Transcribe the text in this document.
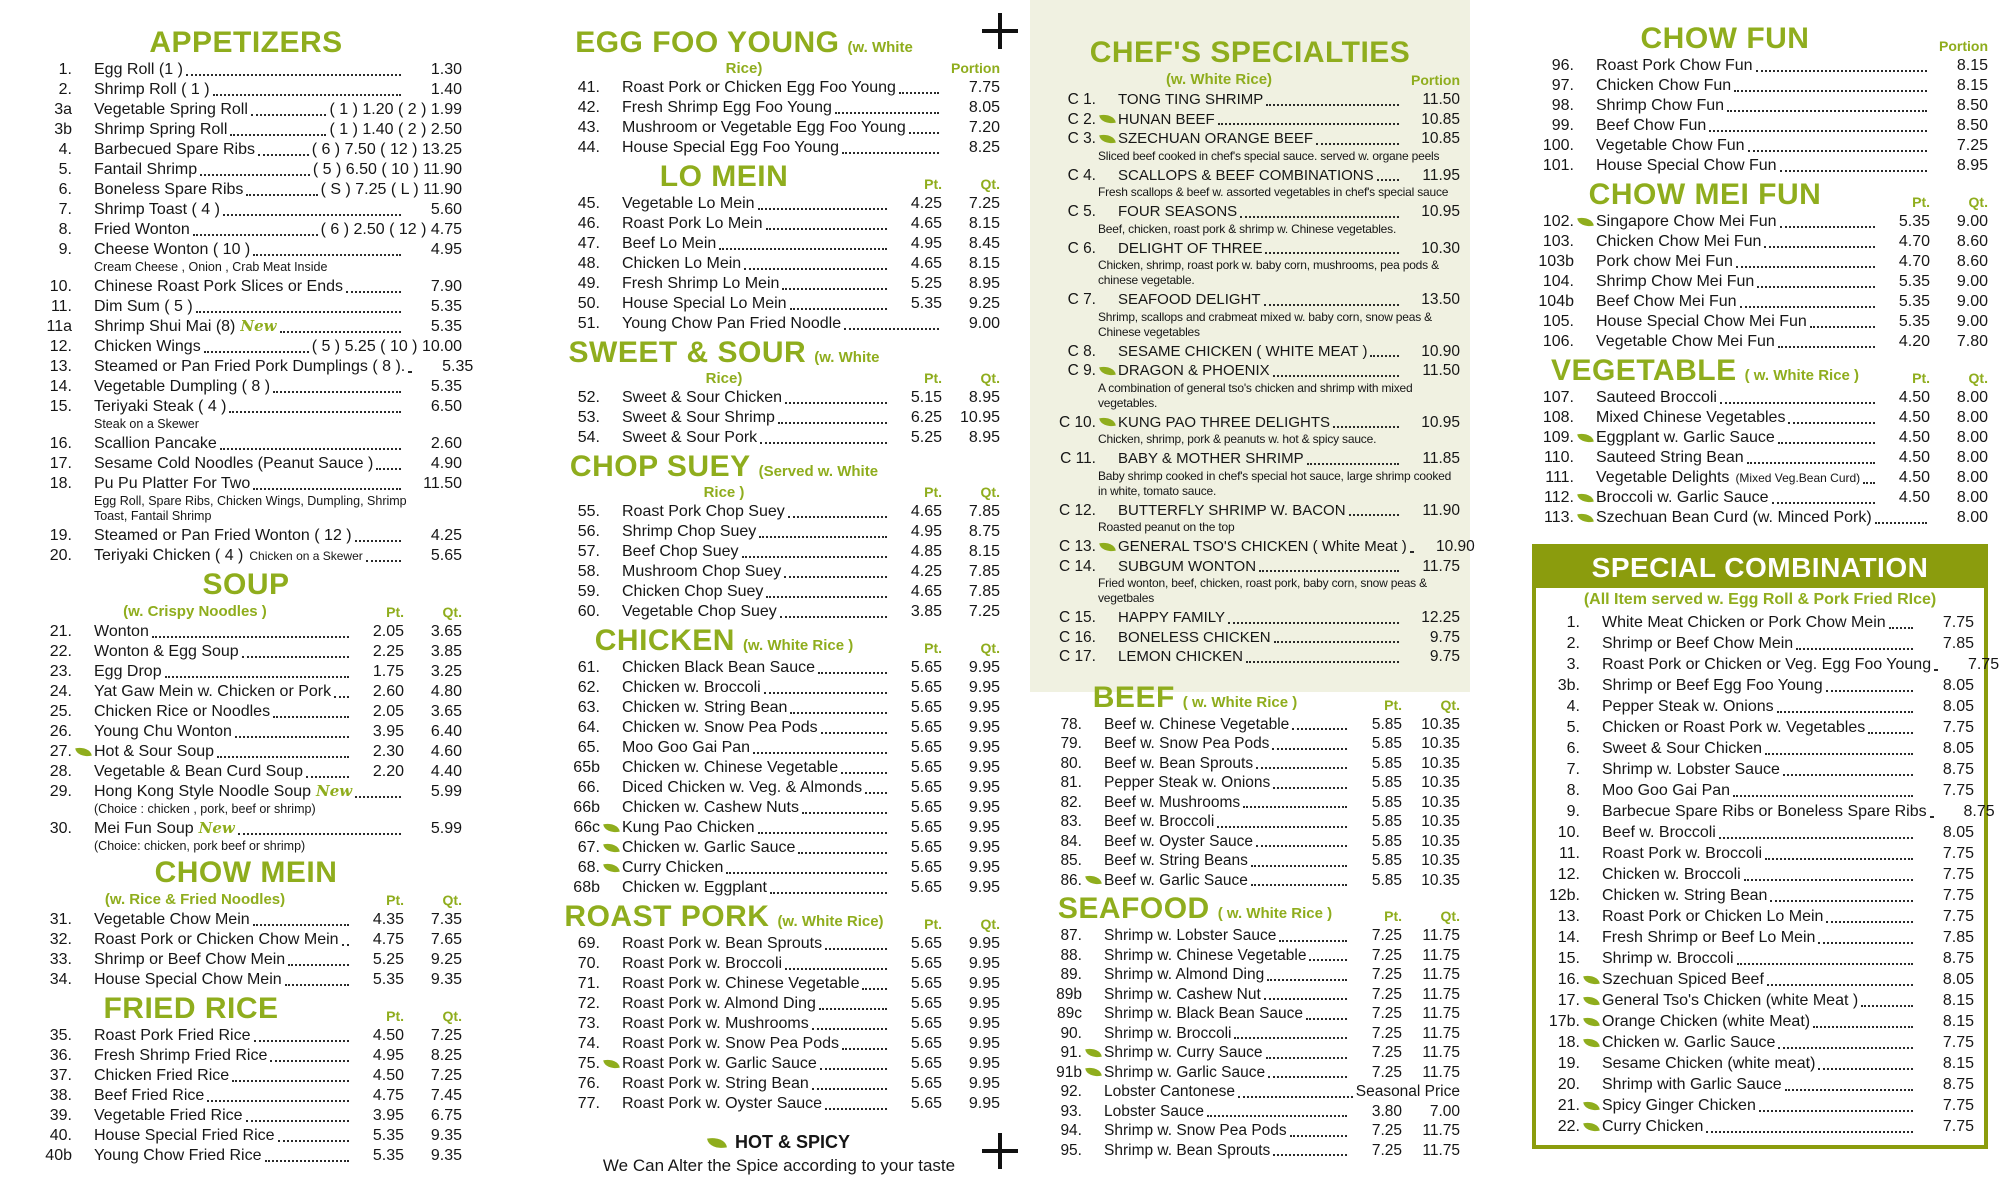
APPETIZERS
1. Egg Roll (1 )	1.30
2. Shrimp Roll ( 1 )	1.40
3a Vegetable Spring Roll	( 1 ) 1.20 ( 2 ) 1.99
3b Shrimp Spring Roll	( 1 ) 1.40 ( 2 ) 2.50
4. Barbecued Spare Ribs	( 6 ) 7.50 ( 12 ) 13.25
5. Fantail Shrimp	( 5 ) 6.50 ( 10 ) 11.90
6. Boneless Spare Ribs	( S ) 7.25 ( L ) 11.90
7. Shrimp Toast ( 4 )	5.60
8. Fried Wonton	( 6 ) 2.50 ( 12 ) 4.75
9. Cheese Wonton ( 10 )	4.95
Cream Cheese , Onion , Crab Meat Inside
10. Chinese Roast Pork Slices or Ends	7.90
11. Dim Sum ( 5 )	5.35
11a Shrimp Shui Mai (8) New	5.35
12. Chicken Wings	( 5 ) 5.25 ( 10 ) 10.00
13. Steamed or Pan Fried Pork Dumplings ( 8 ).	5.35
14. Vegetable Dumpling ( 8 )	5.35
15. Teriyaki Steak ( 4 )	6.50
Steak on a Skewer
16. Scallion Pancake	2.60
17. Sesame Cold Noodles (Peanut Sauce )	4.90
18. Pu Pu Platter For Two	11.50
Egg Roll, Spare Ribs, Chicken Wings, Dumpling, Shrimp Toast, Fantail Shrimp
19. Steamed or Pan Fried Wonton ( 12 )	4.25
20. Teriyaki Chicken ( 4 ) Chicken on a Skewer	5.65
SOUP
(w. Crispy Noodles )	Pt.	Qt.
21. Wonton	2.05	3.65
22. Wonton & Egg Soup	2.25	3.85
23. Egg Drop	1.75	3.25
24. Yat Gaw Mein w. Chicken or Pork	2.60	4.80
25. Chicken Rice or Noodles	2.05	3.65
26. Young Chu Wonton	3.95	6.40
27. Hot & Sour Soup	2.30	4.60
28. Vegetable & Bean Curd Soup	2.20	4.40
29. Hong Kong Style Noodle Soup New	5.99
(Choice : chicken , pork, beef or shrimp)
30. Mei Fun Soup New	5.99
(Choice: chicken, pork beef or shrimp)
CHOW MEIN
(w. Rice & Fried Noodles)	Pt.	Qt.
31. Vegetable Chow Mein	4.35	7.35
32. Roast Pork or Chicken Chow Mein	4.75	7.65
33. Shrimp or Beef Chow Mein	5.25	9.25
34. House Special Chow Mein	5.35	9.35
FRIED RICE	Pt.	Qt.
35. Roast Pork Fried Rice	4.50	7.25
36. Fresh Shrimp Fried Rice	4.95	8.25
37. Chicken Fried Rice	4.50	7.25
38. Beef Fried Rice	4.75	7.45
39. Vegetable Fried Rice	3.95	6.75
40. House Special Fried Rice	5.35	9.35
40b Young Chow Fried Rice	5.35	9.35
EGG FOO YOUNG (w. White Rice)	Portion
41. Roast Pork or Chicken Egg Foo Young	7.75
42. Fresh Shrimp Egg Foo Young	8.05
43. Mushroom or Vegetable Egg Foo Young	7.20
44. House Special Egg Foo Young	8.25
LO MEIN	Pt.	Qt.
45. Vegetable Lo Mein	4.25	7.25
46. Roast Pork Lo Mein	4.65	8.15
47. Beef Lo Mein	4.95	8.45
48. Chicken Lo Mein	4.65	8.15
49. Fresh Shrimp Lo Mein	5.25	8.95
50. House Special Lo Mein	5.35	9.25
51. Young Chow Pan Fried Noodle	9.00
SWEET & SOUR (w. White Rice)	Pt.	Qt.
52. Sweet & Sour Chicken	5.15	8.95
53. Sweet & Sour Shrimp	6.25	10.95
54. Sweet & Sour Pork	5.25	8.95
CHOP SUEY (Served w. White Rice )	Pt.	Qt.
55. Roast Pork Chop Suey	4.65	7.85
56. Shrimp Chop Suey	4.95	8.75
57. Beef Chop Suey	4.85	8.15
58. Mushroom Chop Suey	4.25	7.85
59. Chicken Chop Suey	4.65	7.85
60. Vegetable Chop Suey	3.85	7.25
CHICKEN (w. White Rice )	Pt.	Qt.
61. Chicken Black Bean Sauce	5.65	9.95
62. Chicken w. Broccoli	5.65	9.95
63. Chicken w. String Bean	5.65	9.95
64. Chicken w. Snow Pea Pods	5.65	9.95
65. Moo Goo Gai Pan	5.65	9.95
65b Chicken w. Chinese Vegetable	5.65	9.95
66. Diced Chicken w. Veg. & Almonds	5.65	9.95
66b Chicken w. Cashew Nuts	5.65	9.95
66c Kung Pao Chicken	5.65	9.95
67. Chicken w. Garlic Sauce	5.65	9.95
68. Curry Chicken	5.65	9.95
68b Chicken w. Eggplant	5.65	9.95
ROAST PORK (w. White Rice)	Pt.	Qt.
69. Roast Pork w. Bean Sprouts	5.65	9.95
70. Roast Pork w. Broccoli	5.65	9.95
71. Roast Pork w. Chinese Vegetable	5.65	9.95
72. Roast Pork w. Almond Ding	5.65	9.95
73. Roast Pork w. Mushrooms	5.65	9.95
74. Roast Pork w. Snow Pea Pods	5.65	9.95
75. Roast Pork w. Garlic Sauce	5.65	9.95
76. Roast Pork w. String Bean	5.65	9.95
77. Roast Pork w. Oyster Sauce	5.65	9.95
HOT & SPICY
We Can Alter the Spice according to your taste
CHEF'S SPECIALTIES
(w. White Rice)	Portion
C 1. TONG TING SHRIMP	11.50
C 2. HUNAN BEEF	10.85
C 3. SZECHUAN ORANGE BEEF	10.85
Sliced beef cooked in chef's special sauce. served w. organe peels
C 4. SCALLOPS & BEEF COMBINATIONS	11.95
Fresh scallops & beef w. assorted vegetables in chef's special sauce
C 5. FOUR SEASONS	10.95
Beef, chicken, roast pork & shrimp w. Chinese vegetables.
C 6. DELIGHT OF THREE	10.30
Chicken, shrimp, roast pork w. baby corn, mushrooms, pea pods & chinese vegetable.
C 7. SEAFOOD DELIGHT	13.50
Shrimp, scallops and crabmeat mixed w. baby corn, snow peas & Chinese vegetables
C 8. SESAME CHICKEN ( WHITE MEAT )	10.90
C 9. DRAGON & PHOENIX	11.50
A combination of general tso's chicken and shrimp with mixed vegetables.
C 10. KUNG PAO THREE DELIGHTS	10.95
Chicken, shrimp, pork & peanuts w. hot & spicy sauce.
C 11. BABY & MOTHER SHRIMP	11.85
Baby shrimp cooked in chef's special hot sauce, large shrimp cooked in white, tomato sauce.
C 12. BUTTERFLY SHRIMP W. BACON	11.90
Roasted peanut on the top
C 13. GENERAL TSO'S CHICKEN ( White Meat )	10.90
C 14. SUBGUM WONTON	11.75
Fried wonton, beef, chicken, roast pork, baby corn, snow peas & vegetbales
C 15. HAPPY FAMILY	12.25
C 16. BONELESS CHICKEN	9.75
C 17. LEMON CHICKEN	9.75
BEEF ( w. White Rice )	Pt.	Qt.
78. Beef w. Chinese Vegetable	5.85	10.35
79. Beef w. Snow Pea Pods	5.85	10.35
80. Beef w. Bean Sprouts	5.85	10.35
81. Pepper Steak w. Onions	5.85	10.35
82. Beef w. Mushrooms	5.85	10.35
83. Beef w. Broccoli	5.85	10.35
84. Beef w. Oyster Sauce	5.85	10.35
85. Beef w. String Beans	5.85	10.35
86. Beef w. Garlic Sauce	5.85	10.35
SEAFOOD ( w. White Rice )	Pt.	Qt.
87. Shrimp w. Lobster Sauce	7.25	11.75
88. Shrimp w. Chinese Vegetable	7.25	11.75
89. Shrimp w. Almond Ding	7.25	11.75
89b Shrimp w. Cashew Nut	7.25	11.75
89c Shrimp w. Black Bean Sauce	7.25	11.75
90. Shrimp w. Broccoli	7.25	11.75
91. Shrimp w. Curry Sauce	7.25	11.75
91b Shrimp w. Garlic Sauce	7.25	11.75
92. Lobster Cantonese	Seasonal Price
93. Lobster Sauce	3.80	7.00
94. Shrimp w. Snow Pea Pods	7.25	11.75
95. Shrimp w. Bean Sprouts	7.25	11.75
CHOW FUN	Portion
96. Roast Pork Chow Fun	8.15
97. Chicken Chow Fun	8.15
98. Shrimp Chow Fun	8.50
99. Beef Chow Fun	8.50
100. Vegetable Chow Fun	7.25
101. House Special Chow Fun	8.95
CHOW MEI FUN	Pt.	Qt.
102. Singapore Chow Mei Fun	5.35	9.00
103. Chicken Chow Mei Fun	4.70	8.60
103b Pork chow Mei Fun	4.70	8.60
104. Shrimp Chow Mei Fun	5.35	9.00
104b Beef Chow Mei Fun	5.35	9.00
105. House Special Chow Mei Fun	5.35	9.00
106. Vegetable Chow Mei Fun	4.20	7.80
VEGETABLE ( w. White Rice )	Pt.	Qt.
107. Sauteed Broccoli	4.50	8.00
108. Mixed Chinese Vegetables	4.50	8.00
109. Eggplant w. Garlic Sauce	4.50	8.00
110. Sauteed String Bean	4.50	8.00
111. Vegetable Delights (Mixed Veg.Bean Curd)	4.50	8.00
112. Broccoli w. Garlic Sauce	4.50	8.00
113. Szechuan Bean Curd (w. Minced Pork)	8.00
SPECIAL COMBINATION
(All Item served w. Egg Roll & Pork Fried RIce)
1. White Meat Chicken or Pork Chow Mein	7.75
2. Shrimp or Beef Chow Mein	7.85
3. Roast Pork or Chicken or Veg. Egg Foo Young	7.75
3b. Shrimp or Beef Egg Foo Young	8.05
4. Pepper Steak w. Onions	8.05
5. Chicken or Roast Pork w. Vegetables	7.75
6. Sweet & Sour Chicken	8.05
7. Shrimp w. Lobster Sauce	8.75
8. Moo Goo Gai Pan	7.75
9. Barbecue Spare Ribs or Boneless Spare Ribs	8.75
10. Beef w. Broccoli	8.05
11. Roast Pork w. Broccoli	7.75
12. Chicken w. Broccoli	7.75
12b. Chicken w. String Bean	7.75
13. Roast Pork or Chicken Lo Mein	7.75
14. Fresh Shrimp or Beef Lo Mein	7.85
15. Shrimp w. Broccoli	8.75
16. Szechuan Spiced Beef	8.05
17. General Tso's Chicken (white Meat )	8.15
17b. Orange Chicken (white Meat)	8.15
18. Chicken w. Garlic Sauce	7.75
19. Sesame Chicken (white meat)	8.15
20. Shrimp with Garlic Sauce	8.75
21. Spicy Ginger Chicken	7.75
22. Curry Chicken	7.75
